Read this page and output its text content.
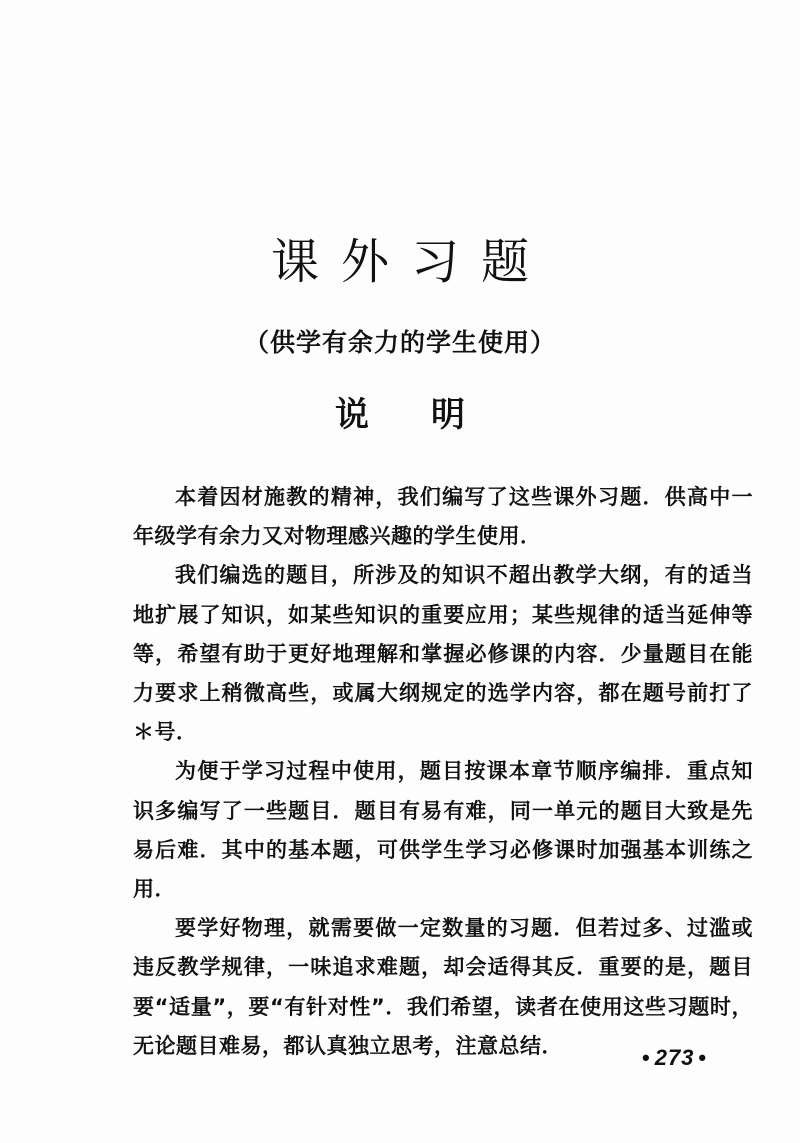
课外习题
（供学有余力的学生使用）
说 明

本着因材施教的精神，我们编写了这些课外习题．供高中一年级学有余力又对物理感兴趣的学生使用．

我们编选的题目，所涉及的知识不超出教学大纲，有的适当地扩展了知识，如某些知识的重要应用；某些规律的适当延伸等等，希望有助于更好地理解和掌握必修课的内容．少量题目在能力要求上稍微高些，或属大纲规定的选学内容，都在题号前打了＊号．

为便于学习过程中使用，题目按课本章节顺序编排．重点知识多编写了一些题目．题目有易有难，同一单元的题目大致是先易后难．其中的基本题，可供学生学习必修课时加强基本训练之用．

要学好物理，就需要做一定数量的习题．但若过多、过滥或违反教学规律，一味追求难题，却会适得其反．重要的是，题目要“适量”，要“有针对性”．我们希望，读者在使用这些习题时，无论题目难易，都认真独立思考，注意总结．	• 273 •
